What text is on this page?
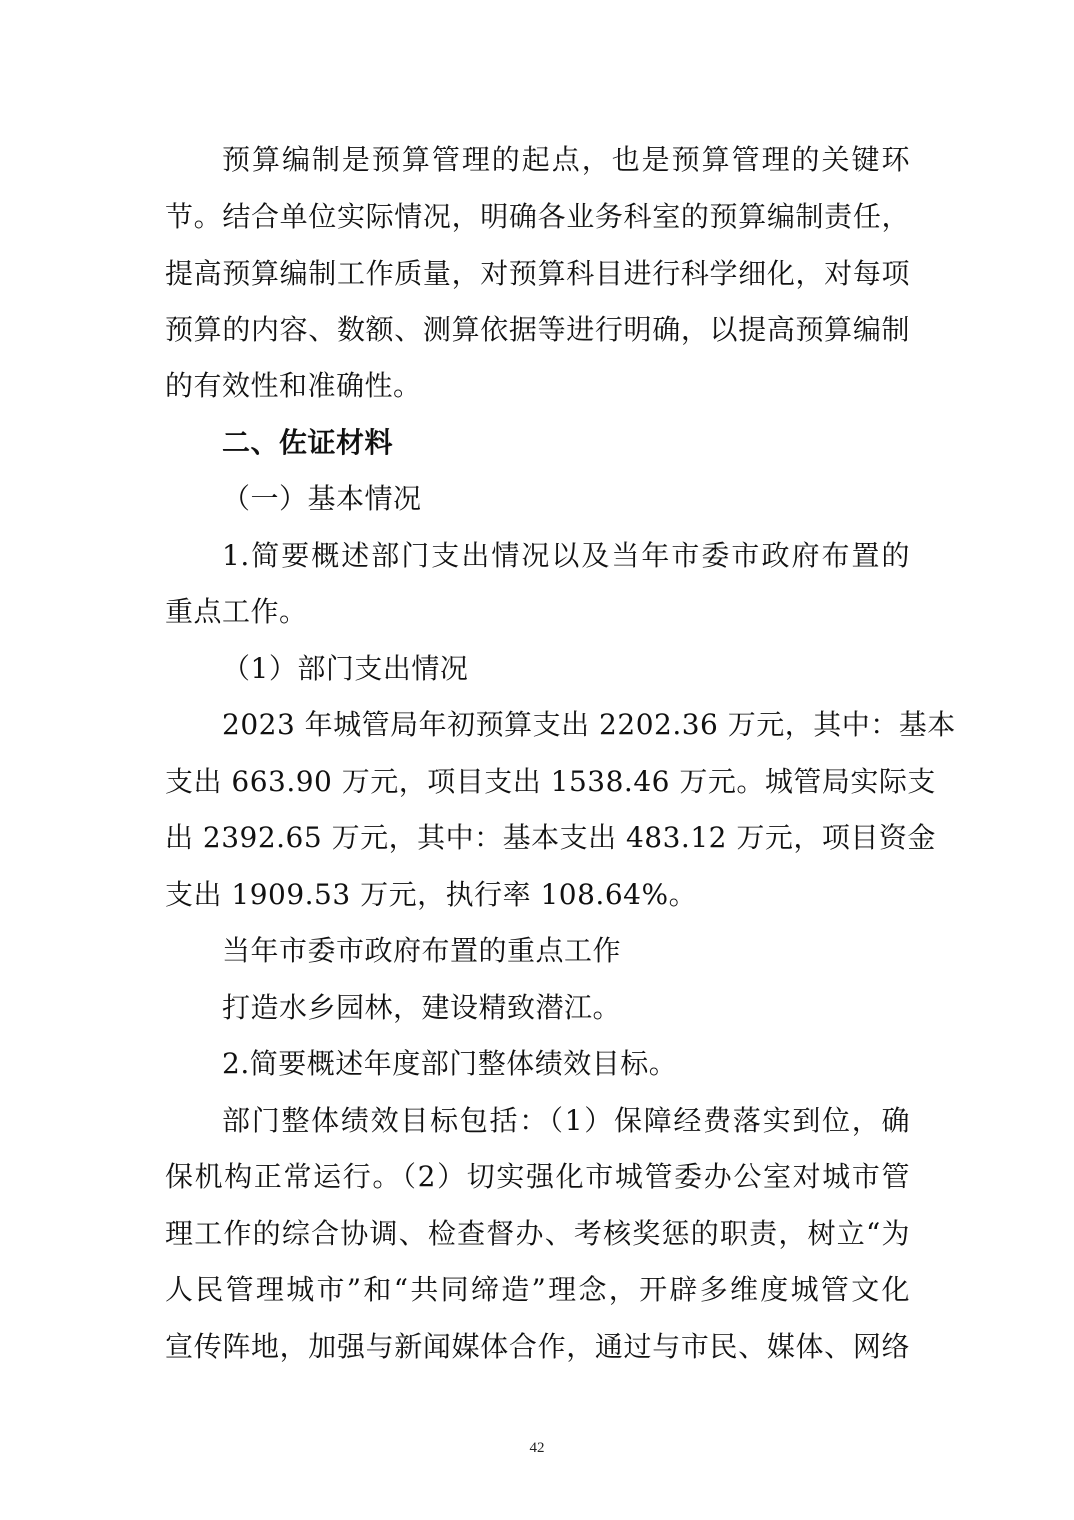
预算编制是预算管理的起点，也是预算管理的关键环
节。结合单位实际情况，明确各业务科室的预算编制责任，
提高预算编制工作质量，对预算科目进行科学细化，对每项
预算的内容、数额、测算依据等进行明确，以提高预算编制
的有效性和准确性。
二、佐证材料
（一）基本情况
1.简要概述部门支出情况以及当年市委市政府布置的
重点工作。
（1）部门支出情况
2023 年城管局年初预算支出 2202.36 万元，其中：基本
支出 663.90 万元，项目支出 1538.46 万元。城管局实际支
出 2392.65 万元，其中：基本支出 483.12 万元，项目资金
支出 1909.53 万元，执行率 108.64%。
当年市委市政府布置的重点工作
打造水乡园林，建设精致潜江。
2.简要概述年度部门整体绩效目标。
部门整体绩效目标包括：（1）保障经费落实到位，确
保机构正常运行。（2）切实强化市城管委办公室对城市管
理工作的综合协调、检查督办、考核奖惩的职责，树立“为
人民管理城市”和“共同缔造”理念，开辟多维度城管文化
宣传阵地，加强与新闻媒体合作，通过与市民、媒体、网络
42
